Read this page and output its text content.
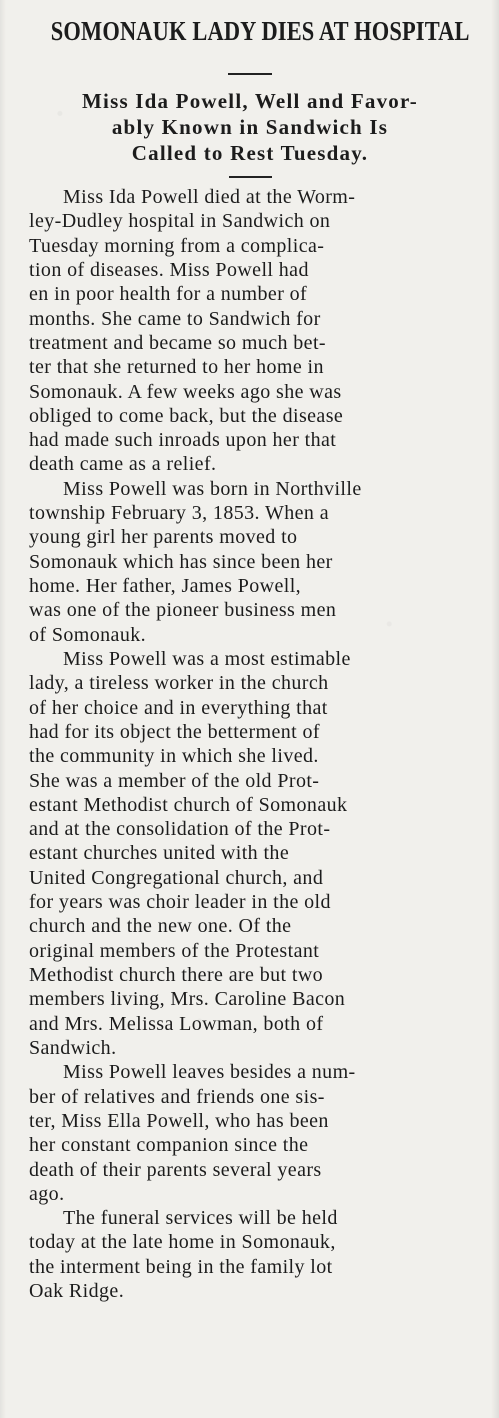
SOMONAUK LADY DIES AT HOSPITAL
Miss Ida Powell, Well and Favor-
ably Known in Sandwich Is
Called to Rest Tuesday.

Miss Ida Powell died at the Worm-
ley-Dudley hospital in Sandwich on
Tuesday morning from a complica-
tion of diseases. Miss Powell had
en in poor health for a number of
months. She came to Sandwich for
treatment and became so much bet-
ter that she returned to her home in
Somonauk. A few weeks ago she was
obliged to come back, but the disease
had made such inroads upon her that
death came as a relief.

Miss Powell was born in Northville
township February 3, 1853. When a
young girl her parents moved to
Somonauk which has since been her
home. Her father, James Powell,
was one of the pioneer business men
of Somonauk.

Miss Powell was a most estimable
lady, a tireless worker in the church
of her choice and in everything that
had for its object the betterment of
the community in which she lived.
She was a member of the old Prot-
estant Methodist church of Somonauk
and at the consolidation of the Prot-
estant churches united with the
United Congregational church, and
for years was choir leader in the old
church and the new one. Of the
original members of the Protestant
Methodist church there are but two
members living, Mrs. Caroline Bacon
and Mrs. Melissa Lowman, both of
Sandwich.

Miss Powell leaves besides a num-
ber of relatives and friends one sis-
ter, Miss Ella Powell, who has been
her constant companion since the
death of their parents several years
ago.

The funeral services will be held
today at the late home in Somonauk,
the interment being in the family lot
Oak Ridge.
